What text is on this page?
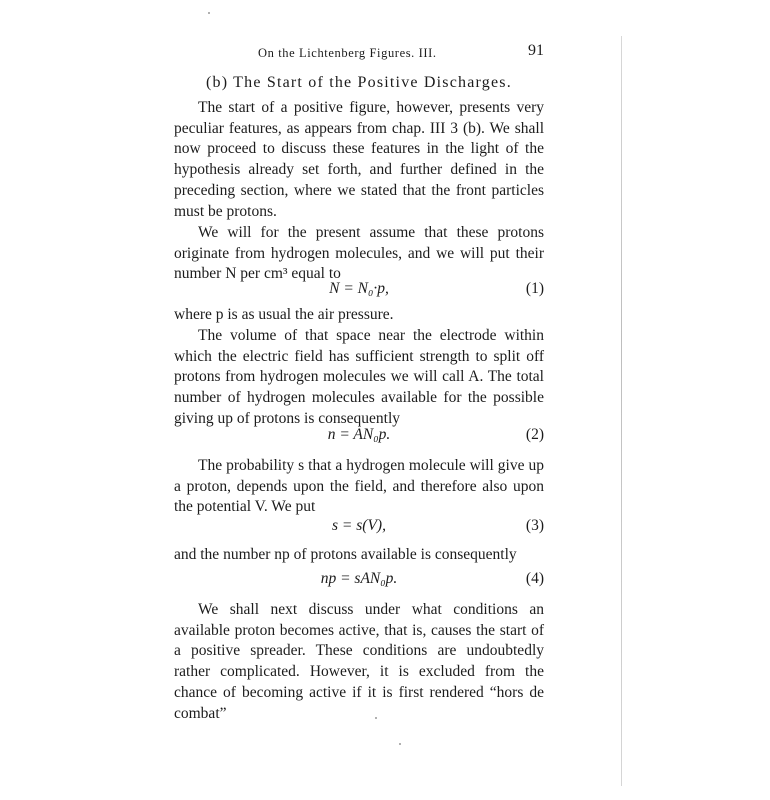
On the Lichtenberg Figures. III.	91
(b) The Start of the Positive Discharges.

The start of a positive figure, however, presents very peculiar features, as appears from chap. III 3 (b). We shall now proceed to discuss these features in the light of the hypothesis already set forth, and further defined in the preceding section, where we stated that the front particles must be protons.

We will for the present assume that these protons originate from hydrogen molecules, and we will put their number N per cm³ equal to

N = N₀·p,	(1)

where p is as usual the air pressure.

The volume of that space near the electrode within which the electric field has sufficient strength to split off protons from hydrogen molecules we will call A. The total number of hydrogen molecules available for the possible giving up of protons is consequently

n = AN₀p.	(2)

The probability s that a hydrogen molecule will give up a proton, depends upon the field, and therefore also upon the potential V. We put

s = s(V),	(3)

and the number np of protons available is consequently

np = sAN₀p.	(4)

We shall next discuss under what conditions an available proton becomes active, that is, causes the start of a positive spreader. These conditions are undoubtedly rather complicated. However, it is excluded from the chance of becoming active if it is first rendered “hors de combat”
